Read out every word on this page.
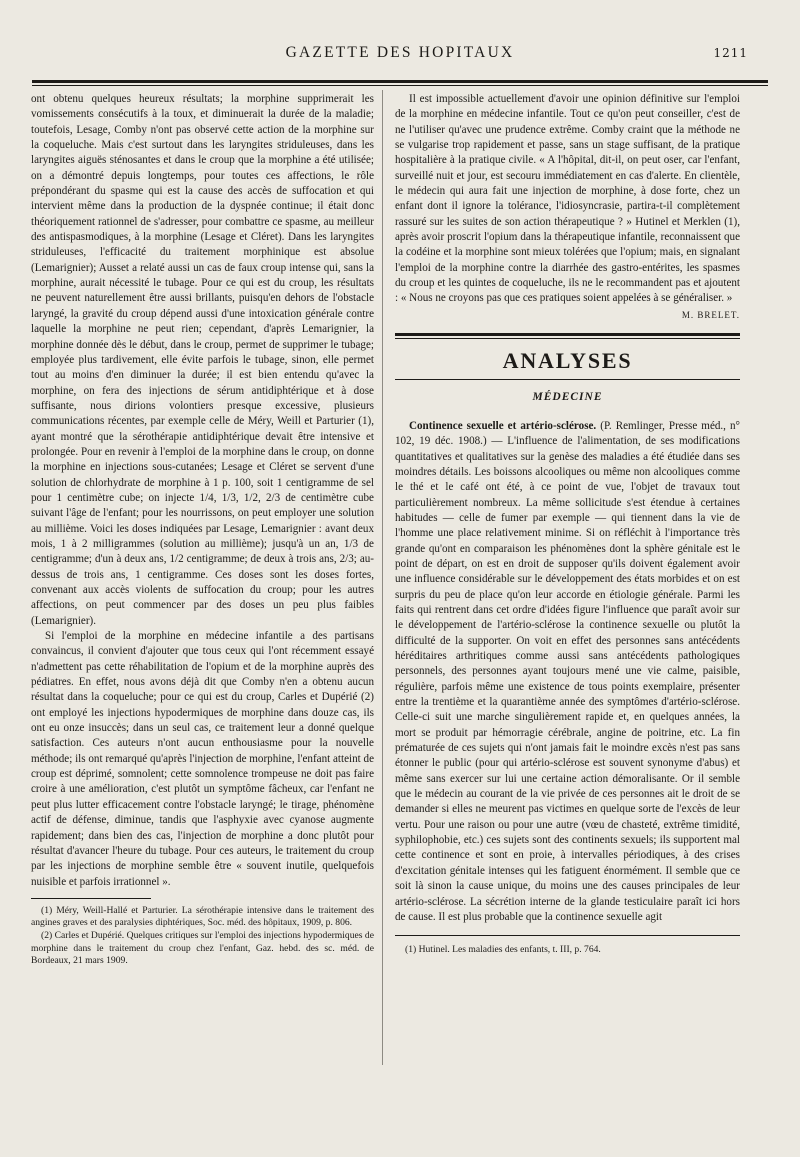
GAZETTE DES HOPITAUX	1211

ont obtenu quelques heureux résultats; la morphine supprimerait les vomissements consécutifs à la toux, et diminuerait la durée de la maladie; toutefois, Lesage, Comby n'ont pas observé cette action de la morphine sur la coqueluche. Mais c'est surtout dans les laryngites striduleuses, dans les laryngites aiguës sténosantes et dans le croup que la morphine a été utilisée; on a démontré depuis longtemps, pour toutes ces affections, le rôle prépondérant du spasme qui est la cause des accès de suffocation et qui intervient même dans la production de la dyspnée continue; il était donc théoriquement rationnel de s'adresser, pour combattre ce spasme, au meilleur des antispasmodiques, à la morphine (Lesage et Cléret). Dans les laryngites striduleuses, l'efficacité du traitement morphinique est absolue (Lemarignier); Ausset a relaté aussi un cas de faux croup intense qui, sans la morphine, aurait nécessité le tubage. Pour ce qui est du croup, les résultats ne peuvent naturellement être aussi brillants, puisqu'en dehors de l'obstacle laryngé, la gravité du croup dépend aussi d'une intoxication générale contre laquelle la morphine ne peut rien; cependant, d'après Lemarignier, la morphine donnée dès le début, dans le croup, permet de supprimer le tubage; employée plus tardivement, elle évite parfois le tubage, sinon, elle permet tout au moins d'en diminuer la durée; il est bien entendu qu'avec la morphine, on fera des injections de sérum antidiphtérique et à dose suffisante, nous dirions volontiers presque excessive, plusieurs communications récentes, par exemple celle de Méry, Weill et Parturier (1), ayant montré que la sérothérapie antidiphtérique devait être intensive et prolongée. Pour en revenir à l'emploi de la morphine dans le croup, on donne la morphine en injections sous-cutanées; Lesage et Cléret se servent d'une solution de chlorhydrate de morphine à 1 p. 100, soit 1 centigramme de sel pour 1 centimètre cube; on injecte 1/4, 1/3, 1/2, 2/3 de centimètre cube suivant l'âge de l'enfant; pour les nourrissons, on peut employer une solution au millième. Voici les doses indiquées par Lesage, Lemarignier : avant deux mois, 1 à 2 milligrammes (solution au millième); jusqu'à un an, 1/3 de centigramme; d'un à deux ans, 1/2 centigramme; de deux à trois ans, 2/3; au-dessus de trois ans, 1 centigramme. Ces doses sont les doses fortes, convenant aux accès violents de suffocation du croup; pour les autres affections, on peut commencer par des doses un peu plus faibles (Lemarignier).

Si l'emploi de la morphine en médecine infantile a des partisans convaincus, il convient d'ajouter que tous ceux qui l'ont récemment essayé n'admettent pas cette réhabilitation de l'opium et de la morphine auprès des pédiatres. En effet, nous avons déjà dit que Comby n'en a obtenu aucun résultat dans la coqueluche; pour ce qui est du croup, Carles et Dupérié (2) ont employé les injections hypodermiques de morphine dans douze cas, ils ont eu onze insuccès; dans un seul cas, ce traitement leur a donné quelque satisfaction. Ces auteurs n'ont aucun enthousiasme pour la nouvelle méthode; ils ont remarqué qu'après l'injection de morphine, l'enfant atteint de croup est déprimé, somnolent; cette somnolence trompeuse ne doit pas faire croire à une amélioration, c'est plutôt un symptôme fâcheux, car l'enfant ne peut plus lutter efficacement contre l'obstacle laryngé; le tirage, phénomène actif de défense, diminue, tandis que l'asphyxie avec cyanose augmente rapidement; dans bien des cas, l'injection de morphine a donc plutôt pour résultat d'avancer l'heure du tubage. Pour ces auteurs, le traitement du croup par les injections de morphine semble être « souvent inutile, quelquefois nuisible et parfois irrationnel ».

(1) Méry, Weill-Hallé et Parturier. La sérothérapie intensive dans le traitement des angines graves et des paralysies diphtériques, Soc. méd. des hôpitaux, 1909, p. 806.

(2) Carles et Dupérié. Quelques critiques sur l'emploi des injections hypodermiques de morphine dans le traitement du croup chez l'enfant, Gaz. hebd. des sc. méd. de Bordeaux, 21 mars 1909.

Il est impossible actuellement d'avoir une opinion définitive sur l'emploi de la morphine en médecine infantile. Tout ce qu'on peut conseiller, c'est de ne l'utiliser qu'avec une prudence extrême. Comby craint que la méthode ne se vulgarise trop rapidement et passe, sans un stage suffisant, de la pratique hospitalière à la pratique civile. « A l'hôpital, dit-il, on peut oser, car l'enfant, surveillé nuit et jour, est secouru immédiatement en cas d'alerte. En clientèle, le médecin qui aura fait une injection de morphine, à dose forte, chez un enfant dont il ignore la tolérance, l'idiosyncrasie, partira-t-il complètement rassuré sur les suites de son action thérapeutique ? » Hutinel et Merklen (1), après avoir proscrit l'opium dans la thérapeutique infantile, reconnaissent que la codéine et la morphine sont mieux tolérées que l'opium; mais, en signalant l'emploi de la morphine contre la diarrhée des gastro-entérites, les spasmes du croup et les quintes de coqueluche, ils ne le recommandent pas et ajoutent : « Nous ne croyons pas que ces pratiques soient appelées à se généraliser. »

M. BRELET.
ANALYSES
MÉDECINE

Continence sexuelle et artério-sclérose. (P. Remlinger, Presse méd., n° 102, 19 déc. 1908.) — L'influence de l'alimentation, de ses modifications quantitatives et qualitatives sur la genèse des maladies a été étudiée dans ses moindres détails. Les boissons alcooliques ou même non alcooliques comme le thé et le café ont été, à ce point de vue, l'objet de travaux tout particulièrement nombreux. La même sollicitude s'est étendue à certaines habitudes — celle de fumer par exemple — qui tiennent dans la vie de l'homme une place relativement minime. Si on réfléchit à l'importance très grande qu'ont en comparaison les phénomènes dont la sphère génitale est le point de départ, on est en droit de supposer qu'ils doivent également avoir une influence considérable sur le développement des états morbides et on est surpris du peu de place qu'on leur accorde en étiologie générale. Parmi les faits qui rentrent dans cet ordre d'idées figure l'influence que paraît avoir sur le développement de l'artério-sclérose la continence sexuelle ou plutôt la difficulté de la supporter. On voit en effet des personnes sans antécédents héréditaires arthritiques comme aussi sans antécédents pathologiques personnels, des personnes ayant toujours mené une vie calme, paisible, régulière, parfois même une existence de tous points exemplaire, présenter entre la trentième et la quarantième année des symptômes d'artério-sclérose. Celle-ci suit une marche singulièrement rapide et, en quelques années, la mort se produit par hémorragie cérébrale, angine de poitrine, etc. La fin prématurée de ces sujets qui n'ont jamais fait le moindre excès n'est pas sans étonner le public (pour qui artério-sclérose est souvent synonyme d'abus) et même sans exercer sur lui une certaine action démoralisante. Or il semble que le médecin au courant de la vie privée de ces personnes ait le droit de se demander si elles ne meurent pas victimes en quelque sorte de l'excès de leur vertu. Pour une raison ou pour une autre (vœu de chasteté, extrême timidité, syphilophobie, etc.) ces sujets sont des continents sexuels; ils supportent mal cette continence et sont en proie, à intervalles périodiques, à des crises d'excitation génitale intenses qui les fatiguent énormément. Il semble que ce soit là sinon la cause unique, du moins une des causes principales de leur artério-sclérose. La sécrétion interne de la glande testiculaire paraît ici hors de cause. Il est plus probable que la continence sexuelle agit

(1) Hutinel. Les maladies des enfants, t. III, p. 764.
